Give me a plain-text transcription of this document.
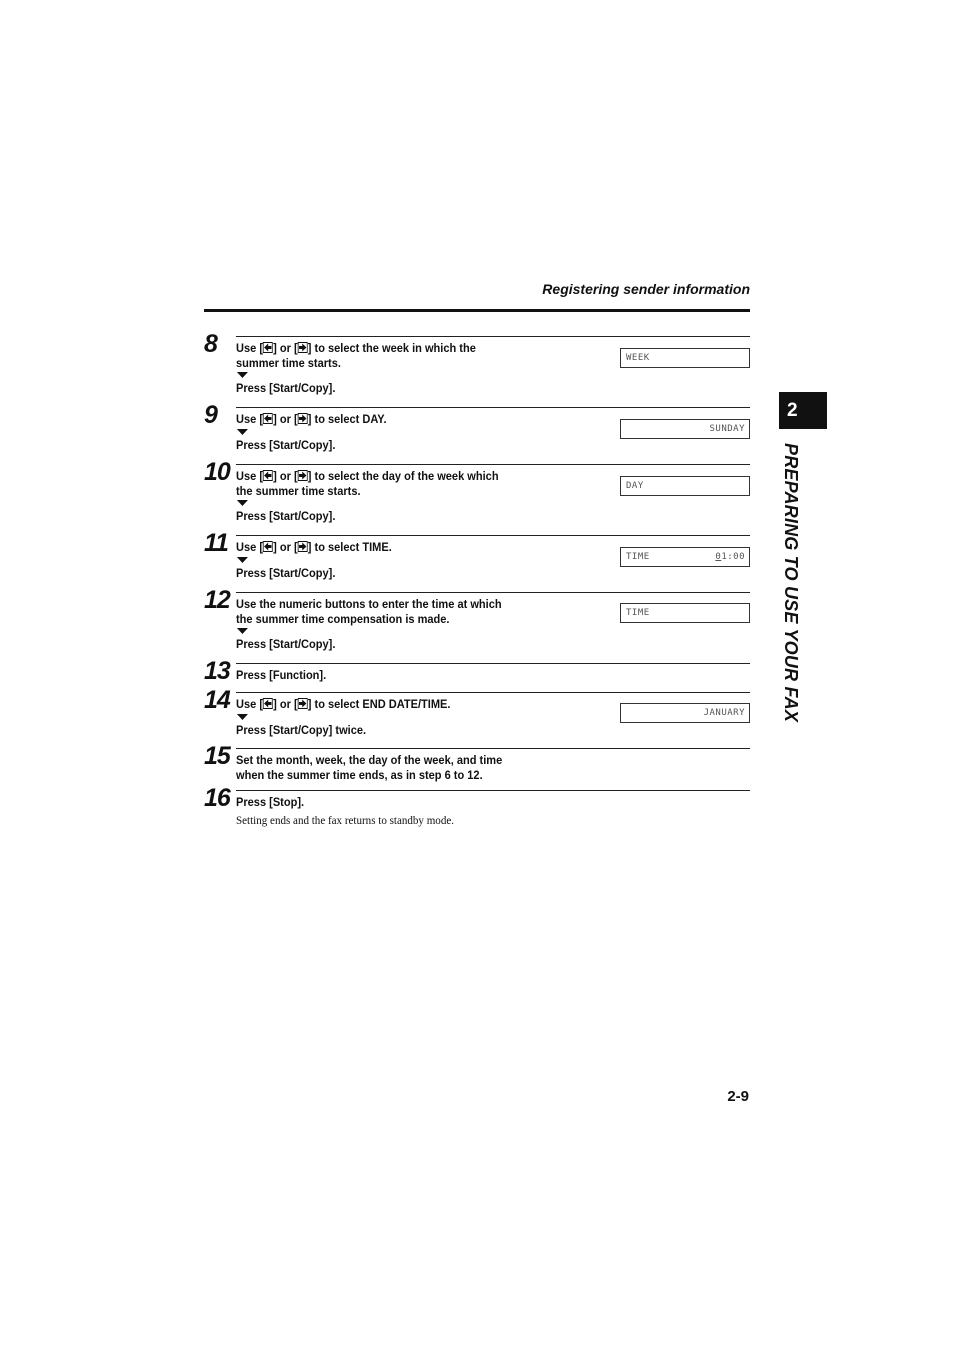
Registering sender information
8 Use [ ] or [ ] to select the week in which the
summer time starts.

Press [Start/Copy].

WEEK
9 Use [ ] or [ ] to select DAY.

Press [Start/Copy].

SUNDAY
10 Use [ ] or [ ] to select the day of the week which
the summer time starts.

Press [Start/Copy].

DAY
11 Use [ ] or [ ] to select TIME.

Press [Start/Copy].

TIME	01:00
12 Use the numeric buttons to enter the time at which
the summer time compensation is made.

Press [Start/Copy].

TIME
13 Press [Function].

14 Use [ ] or [ ] to select END DATE/TIME.

Press [Start/Copy] twice.

JANUARY
15 Set the month, week, the day of the week, and time
when the summer time ends, as in step 6 to 12.

16 Press [Stop].

Setting ends and the fax returns to standby mode.

2
PREPARING TO USE YOUR FAX
2-9
